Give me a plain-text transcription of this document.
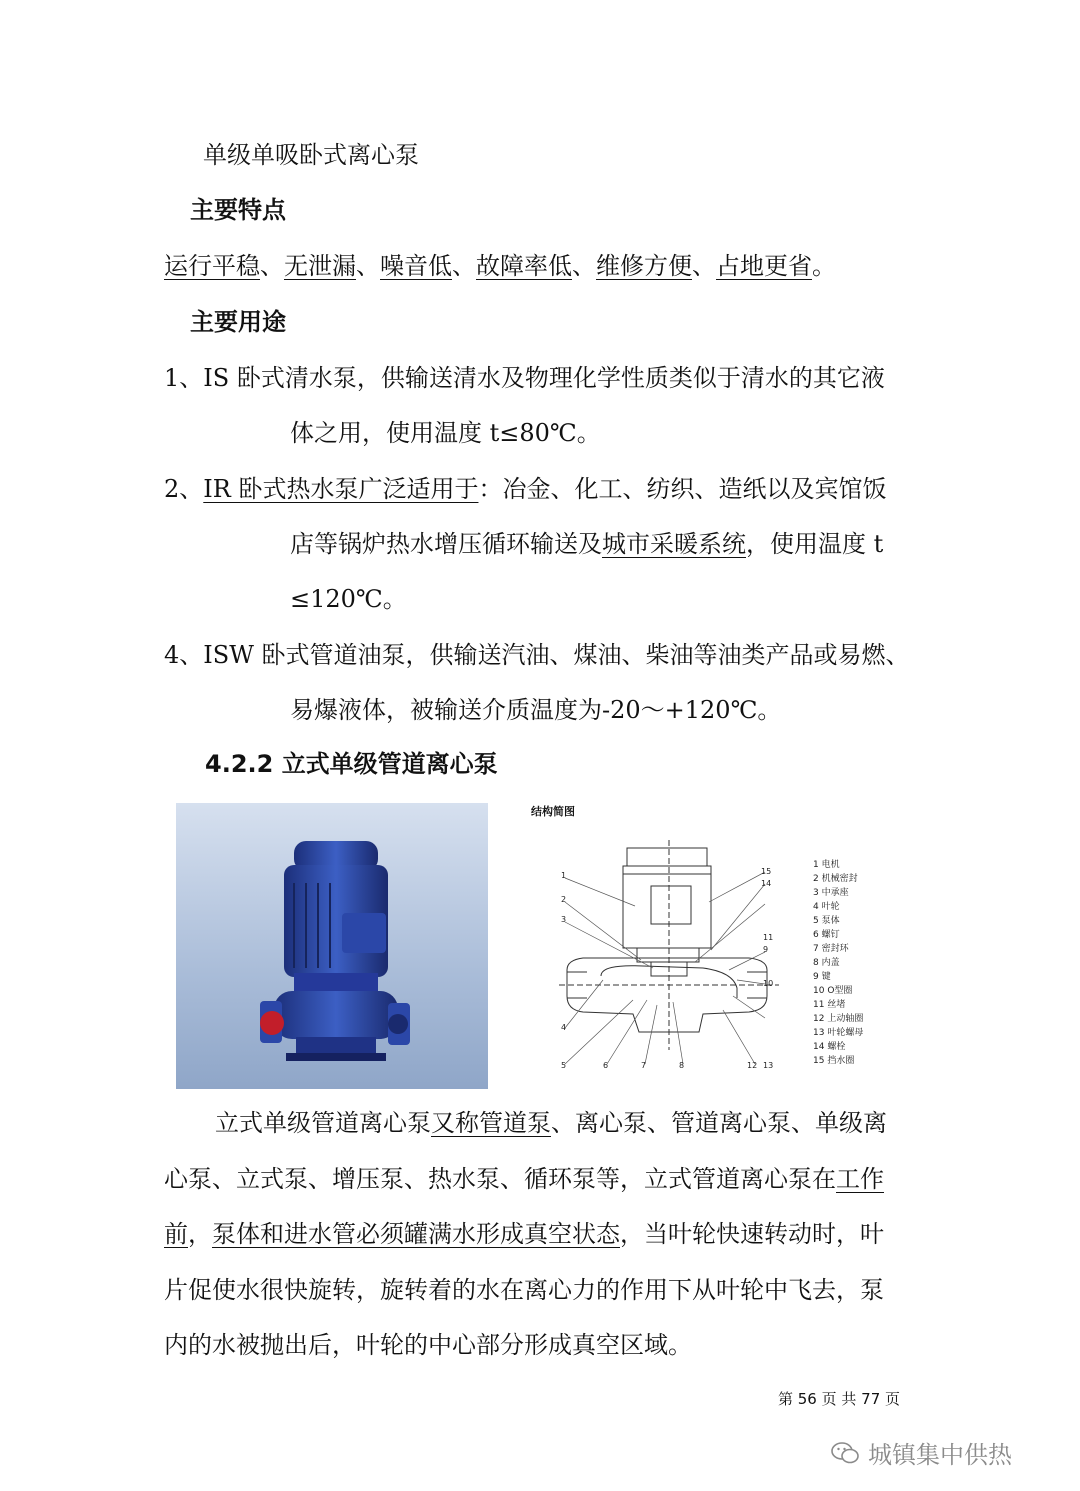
单级单吸卧式离心泵
主要特点
运行平稳、无泄漏、噪音低、故障率低、维修方便、占地更省。
主要用途
1、IS 卧式清水泵，供输送清水及物理化学性质类似于清水的其它液
体之用，使用温度 t≤80℃。
2、IR 卧式热水泵广泛适用于：冶金、化工、纺织、造纸以及宾馆饭
店等锅炉热水增压循环输送及城市采暖系统，使用温度 t
≤120℃。
4、ISW 卧式管道油泵，供输送汽油、煤油、柴油等油类产品或易燃、
易爆液体，被输送介质温度为-20～+120℃。
4.2.2 立式单级管道离心泵
结构简图
1
2
3
4
5	6	7	8
9
10
11
12 13
14
15
1 电机
2 机械密封
3 中承座
4 叶轮
5 泵体
6 螺钉
7 密封环
8 内盖
9 键
10 O型圈
11 丝堵
12 上动轴圈
13 叶轮螺母
14 螺栓
15 挡水圈
立式单级管道离心泵又称管道泵、离心泵、管道离心泵、单级离
心泵、立式泵、增压泵、热水泵、循环泵等，立式管道离心泵在工作
前，泵体和进水管必须罐满水形成真空状态，当叶轮快速转动时，叶
片促使水很快旋转，旋转着的水在离心力的作用下从叶轮中飞去，泵
内的水被抛出后，叶轮的中心部分形成真空区域。
第 56 页 共 77 页
城镇集中供热
